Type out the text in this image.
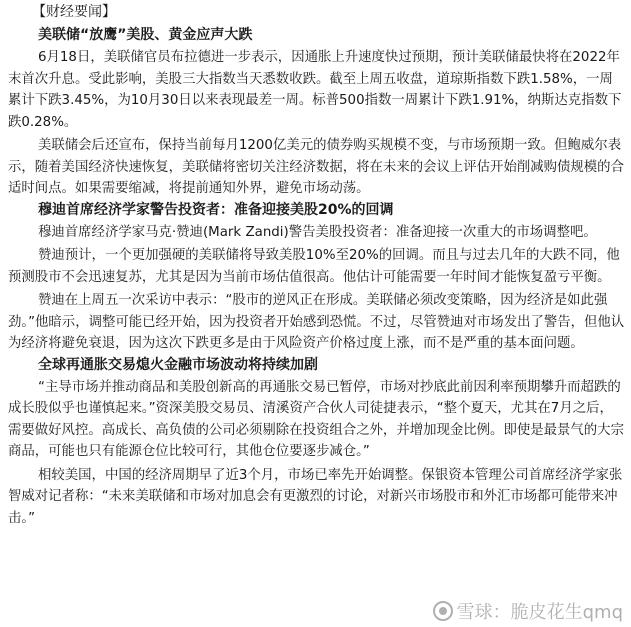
【财经要闻】
美联储“放鹰”美股、黄金应声大跌

6月18日，美联储官员布拉德进一步表示，因通胀上升速度快过预期，预计美联储最快将在2022年末首次升息。受此影响，美股三大指数当天悉数收跌。截至上周五收盘，道琼斯指数下跌1.58%，一周累计下跌3.45%，为10月30日以来表现最差一周。标普500指数一周累计下跌1.91%，纳斯达克指数下跌0.28%。

美联储会后还宣布，保持当前每月1200亿美元的债券购买规模不变，与市场预期一致。但鲍威尔表示，随着美国经济快速恢复，美联储将密切关注经济数据，将在未来的会议上评估开始削减购债规模的合适时间点。如果需要缩减，将提前通知外界，避免市场动荡。

穆迪首席经济学家警告投资者：准备迎接美股20%的回调

穆迪首席经济学家马克·赞迪(Mark Zandi)警告美股投资者：准备迎接一次重大的市场调整吧。

赞迪预计，一个更加强硬的美联储将导致美股10%至20%的回调。而且与过去几年的大跌不同，他预测股市不会迅速复苏，尤其是因为当前市场估值很高。他估计可能需要一年时间才能恢复盈亏平衡。

赞迪在上周五一次采访中表示：“股市的逆风正在形成。美联储必须改变策略，因为经济是如此强劲。”他暗示，调整可能已经开始，因为投资者开始感到恐慌。不过，尽管赞迪对市场发出了警告，但他认为经济将避免衰退，因为这次下跌更多是由于风险资产价格过度上涨，而不是严重的基本面问题。

全球再通胀交易熄火金融市场波动将持续加剧

“主导市场并推动商品和美股创新高的再通胀交易已暂停，市场对抄底此前因利率预期攀升而超跌的成长股似乎也谨慎起来。”资深美股交易员、清溪资产合伙人司徒捷表示，“整个夏天，尤其在7月之后，需要做好风控。高成长、高负债的公司必须剔除在投资组合之外，并增加现金比例。即使是最景气的大宗商品，可能也只有能源仓位比较可行，其他仓位要逐步减仓。”

相较美国，中国的经济周期早了近3个月，市场已率先开始调整。保银资本管理公司首席经济学家张智威对记者称：“未来美联储和市场对加息会有更激烈的讨论，对新兴市场股市和外汇市场都可能带来冲击。”

雪球：脆皮花生qmq
